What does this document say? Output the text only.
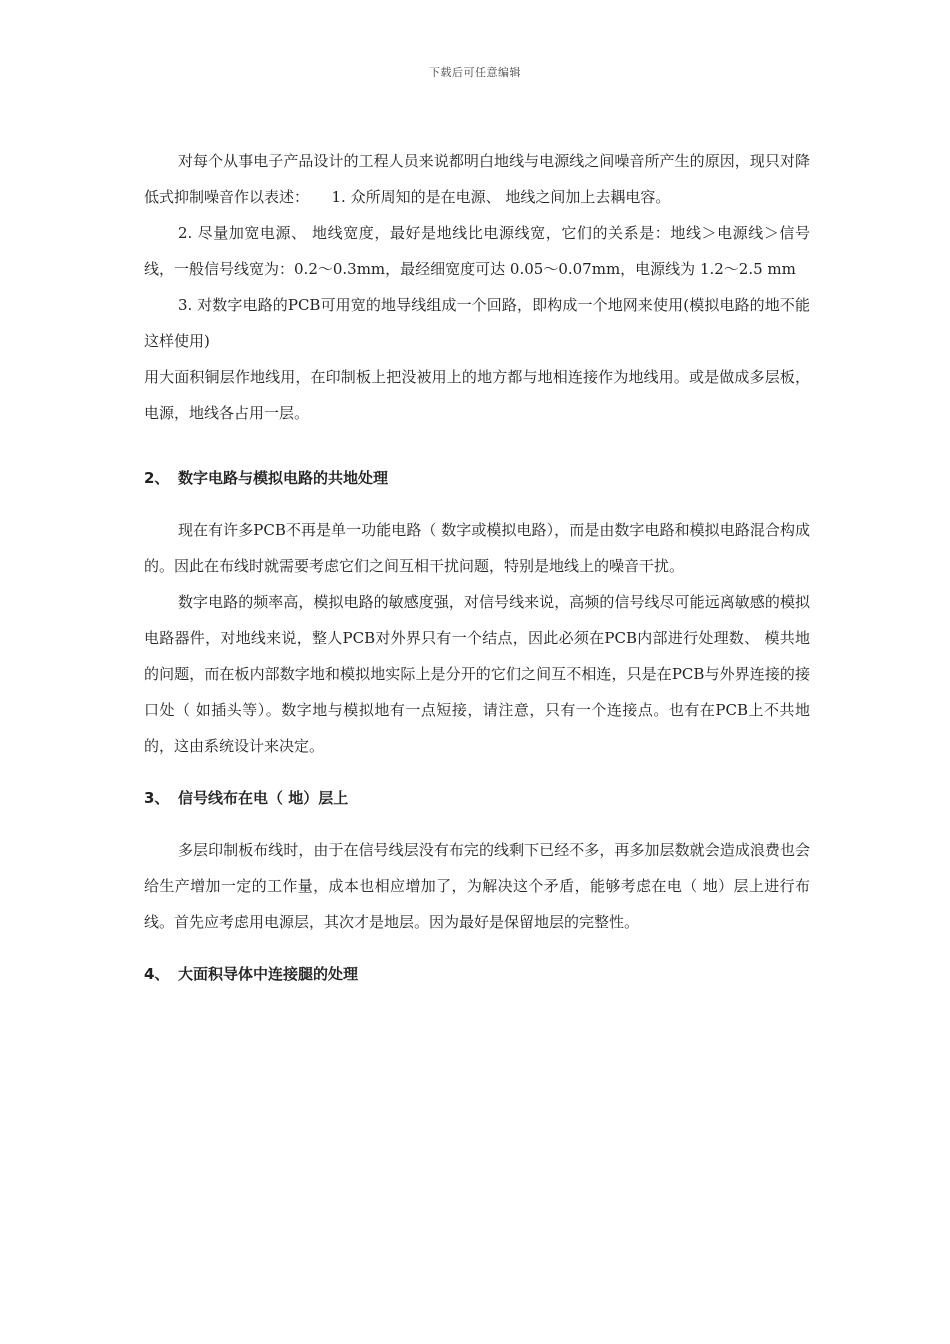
下载后可任意编辑

对每个从事电子产品设计的工程人员来说都明白地线与电源线之间噪音所产生的原因，现只对降低式抑制噪音作以表述：　　1. 众所周知的是在电源、 地线之间加上去耦电容。

2. 尽量加宽电源、 地线宽度，最好是地线比电源线宽，它们的关系是：地线＞电源线＞信号线，一般信号线宽为：0.2～0.3mm，最经细宽度可达 0.05～0.07mm，电源线为 1.2～2.5 mm

3. 对数字电路的PCB可用宽的地导线组成一个回路，即构成一个地网来使用(模拟电路的地不能这样使用)

用大面积铜层作地线用，在印制板上把没被用上的地方都与地相连接作为地线用。或是做成多层板，电源，地线各占用一层。

2、 数字电路与模拟电路的共地处理

现在有许多PCB不再是单一功能电路（ 数字或模拟电路），而是由数字电路和模拟电路混合构成的。因此在布线时就需要考虑它们之间互相干扰问题，特别是地线上的噪音干扰。

数字电路的频率高，模拟电路的敏感度强，对信号线来说，高频的信号线尽可能远离敏感的模拟电路器件，对地线来说，整人PCB对外界只有一个结点，因此必须在PCB内部进行处理数、 模共地的问题，而在板内部数字地和模拟地实际上是分开的它们之间互不相连，只是在PCB与外界连接的接口处（ 如插头等）。数字地与模拟地有一点短接，请注意，只有一个连接点。也有在PCB上不共地的，这由系统设计来决定。

3、 信号线布在电（ 地）层上

多层印制板布线时，由于在信号线层没有布完的线剩下已经不多，再多加层数就会造成浪费也会给生产增加一定的工作量，成本也相应增加了，为解决这个矛盾，能够考虑在电（ 地）层上进行布线。首先应考虑用电源层，其次才是地层。因为最好是保留地层的完整性。

4、 大面积导体中连接腿的处理
